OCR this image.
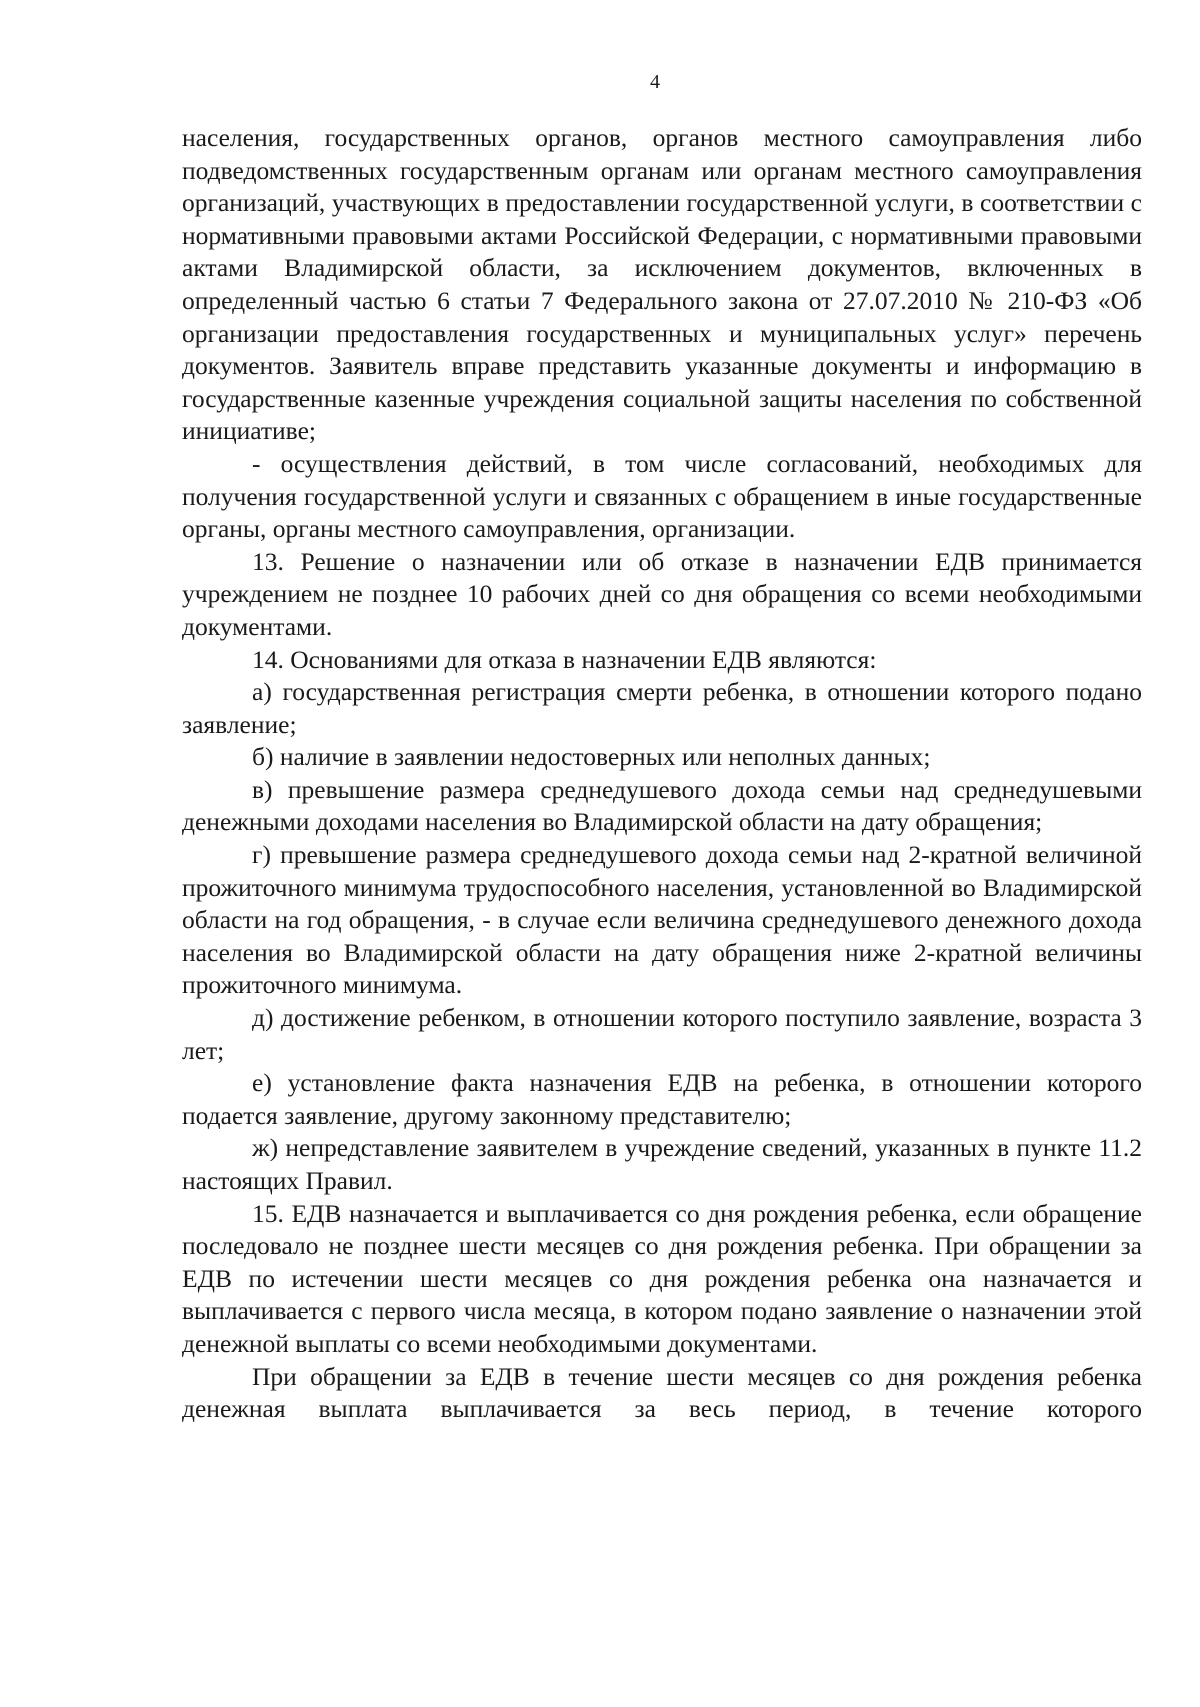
4

населения, государственных органов, органов местного самоуправления либо подведомственных государственным органам или органам местного самоуправления организаций, участвующих в предоставлении государственной услуги, в соответствии с нормативными правовыми актами Российской Федерации, с нормативными правовыми актами Владимирской области, за исключением документов, включенных в определенный частью 6 статьи 7 Федерального закона от 27.07.2010 № 210-ФЗ «Об организации предоставления государственных и муниципальных услуг» перечень документов. Заявитель вправе представить указанные документы и информацию в государственные казенные учреждения социальной защиты населения по собственной инициативе;

- осуществления действий, в том числе согласований, необходимых для получения государственной услуги и связанных с обращением в иные государственные органы, органы местного самоуправления, организации.

13. Решение о назначении или об отказе в назначении ЕДВ принимается учреждением не позднее 10 рабочих дней со дня обращения со всеми необходимыми документами.

14. Основаниями для отказа в назначении ЕДВ являются:

а) государственная регистрация смерти ребенка, в отношении которого подано заявление;

б) наличие в заявлении недостоверных или неполных данных;

в) превышение размера среднедушевого дохода семьи над среднедушевыми денежными доходами населения во Владимирской области на дату обращения;

г) превышение размера среднедушевого дохода семьи над 2-кратной величиной прожиточного минимума трудоспособного населения, установленной во Владимирской области на год обращения, - в случае если величина среднедушевого денежного дохода населения во Владимирской области на дату обращения ниже 2-кратной величины прожиточного минимума.

д) достижение ребенком, в отношении которого поступило заявление, возраста 3 лет;

е) установление факта назначения ЕДВ на ребенка, в отношении которого подается заявление, другому законному представителю;

ж) непредставление заявителем в учреждение сведений, указанных в пункте 11.2 настоящих Правил.

15. ЕДВ назначается и выплачивается со дня рождения ребенка, если обращение последовало не позднее шести месяцев со дня рождения ребенка. При обращении за ЕДВ по истечении шести месяцев со дня рождения ребенка она назначается и выплачивается с первого числа месяца, в котором подано заявление о назначении этой денежной выплаты со всеми необходимыми документами.

При обращении за ЕДВ в течение шести месяцев со дня рождения ребенка денежная выплата выплачивается за весь период, в течение которого
